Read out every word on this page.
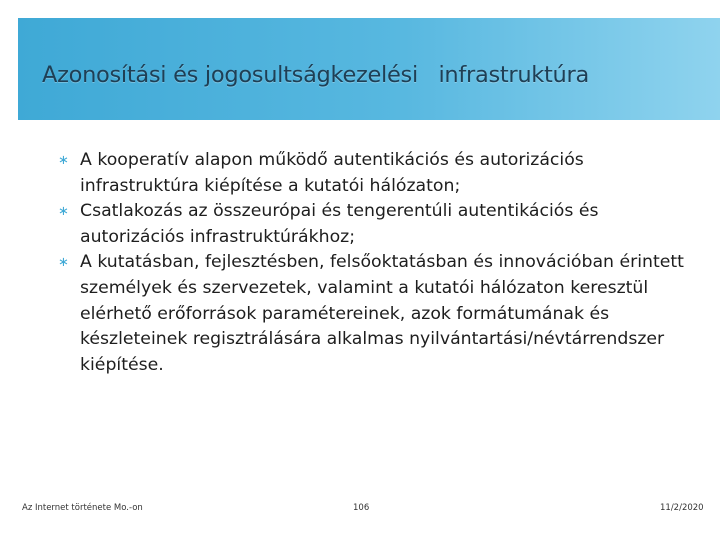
Azonosítási és jogosultságkezelési   infrastruktúra
∗ A kooperatív alapon működő autentikációs és autorizációs infrastruktúra kiépítése a kutatói hálózaton;
∗ Csatlakozás az összeurópai és tengerentúli autentikációs és autorizációs infrastruktúrákhoz;
∗ A kutatásban, fejlesztésben, felsőoktatásban és innovációban érintett személyek és szervezetek, valamint a kutatói hálózaton keresztül elérhető erőforrások paramétereinek, azok formátumának és készleteinek regisztrálására alkalmas nyilvántartási/névtárrendszer kiépítése.
Az Internet története Mo.-on	106	11/2/2020
